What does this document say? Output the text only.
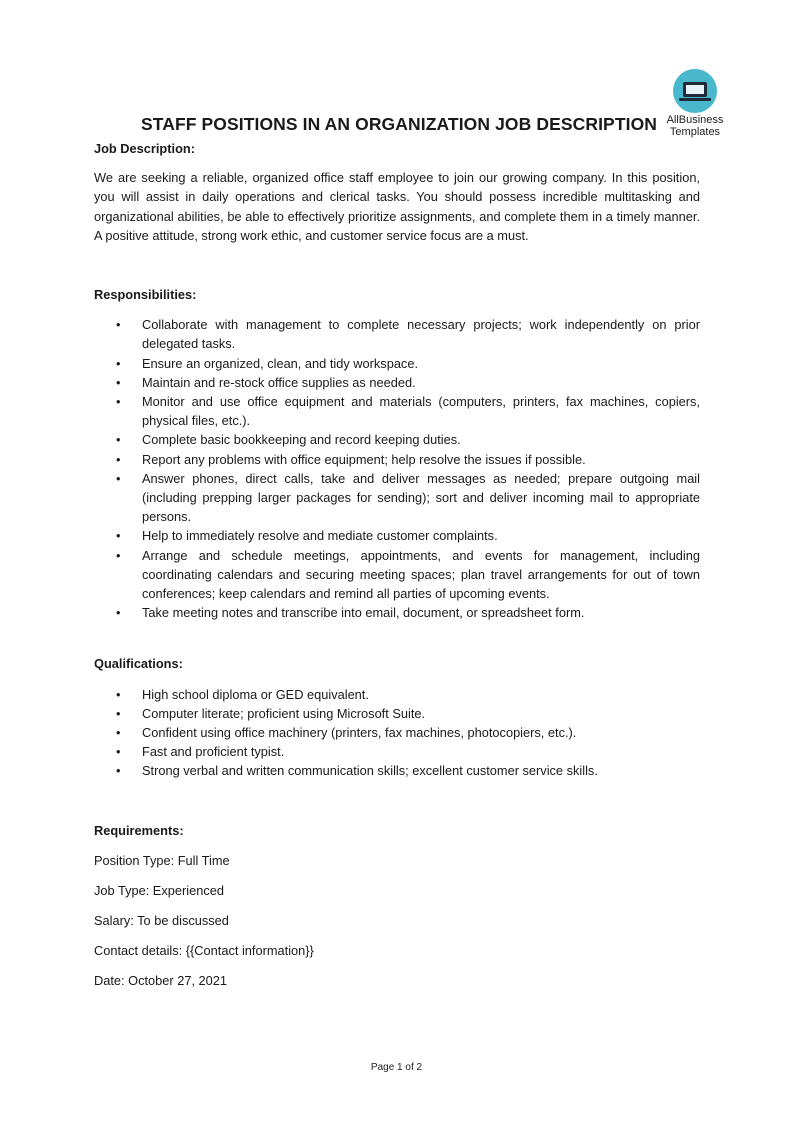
AllBusiness
Templates
STAFF POSITIONS IN AN ORGANIZATION JOB DESCRIPTION

Job Description:

We are seeking a reliable, organized office staff employee to join our growing company. In this position, you will assist in daily operations and clerical tasks. You should possess incredible multitasking and organizational abilities, be able to effectively prioritize assignments, and complete them in a timely manner. A positive attitude, strong work ethic, and customer service focus are a must.

Responsibilities:

• Collaborate with management to complete necessary projects; work independently on prior delegated tasks.
• Ensure an organized, clean, and tidy workspace.
• Maintain and re-stock office supplies as needed.
• Monitor and use office equipment and materials (computers, printers, fax machines, copiers, physical files, etc.).
• Complete basic bookkeeping and record keeping duties.
• Report any problems with office equipment; help resolve the issues if possible.
• Answer phones, direct calls, take and deliver messages as needed; prepare outgoing mail (including prepping larger packages for sending); sort and deliver incoming mail to appropriate persons.
• Help to immediately resolve and mediate customer complaints.
• Arrange and schedule meetings, appointments, and events for management, including coordinating calendars and securing meeting spaces; plan travel arrangements for out of town conferences; keep calendars and remind all parties of upcoming events.
• Take meeting notes and transcribe into email, document, or spreadsheet form.

Qualifications:

• High school diploma or GED equivalent.
• Computer literate; proficient using Microsoft Suite.
• Confident using office machinery (printers, fax machines, photocopiers, etc.).
• Fast and proficient typist.
• Strong verbal and written communication skills; excellent customer service skills.

Requirements:

Position Type: Full Time
Job Type: Experienced
Salary: To be discussed
Contact details: {{Contact information}}
Date: October 27, 2021
Page 1 of 2
